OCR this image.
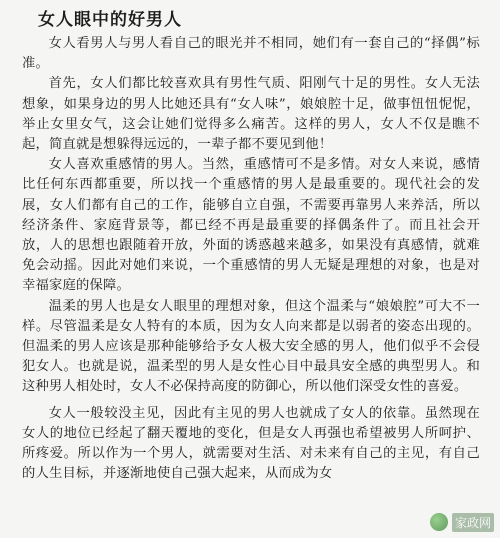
女人眼中的好男人

女人看男人与男人看自己的眼光并不相同，她们有一套自己的“择偶”标准。

首先，女人们都比较喜欢具有男性气质、阳刚气十足的男性。女人无法想象，如果身边的男人比她还具有“女人味”，娘娘腔十足，做事忸忸怩怩，举止女里女气，这会让她们觉得多么痛苦。这样的男人，女人不仅是瞧不起，简直就是想躲得远远的，一辈子都不要见到他！

女人喜欢重感情的男人。当然，重感情可不是多情。对女人来说，感情比任何东西都重要，所以找一个重感情的男人是最重要的。现代社会的发展，女人们都有自己的工作，能够自立自强，不需要再靠男人来养活，所以经济条件、家庭背景等，都已经不再是最重要的择偶条件了。而且社会开放，人的思想也跟随着开放，外面的诱惑越来越多，如果没有真感情，就难免会动摇。因此对她们来说，一个重感情的男人无疑是理想的对象，也是对幸福家庭的保障。

温柔的男人也是女人眼里的理想对象，但这个温柔与“娘娘腔”可大不一样。尽管温柔是女人特有的本质，因为女人向来都是以弱者的姿态出现的。但温柔的男人应该是那种能够给予女人极大安全感的男人，他们似乎不会侵犯女人。也就是说，温柔型的男人是女性心目中最具安全感的典型男人。和这种男人相处时，女人不必保持高度的防御心，所以他们深受女性的喜爱。

女人一般较没主见，因此有主见的男人也就成了女人的依靠。虽然现在女人的地位已经起了翻天覆地的变化，但是女人再强也希望被男人所呵护、所疼爱。所以作为一个男人，就需要对生活、对未来有自己的主见，有自己的人生目标，并逐渐地使自己强大起来，从而成为女

家政网
